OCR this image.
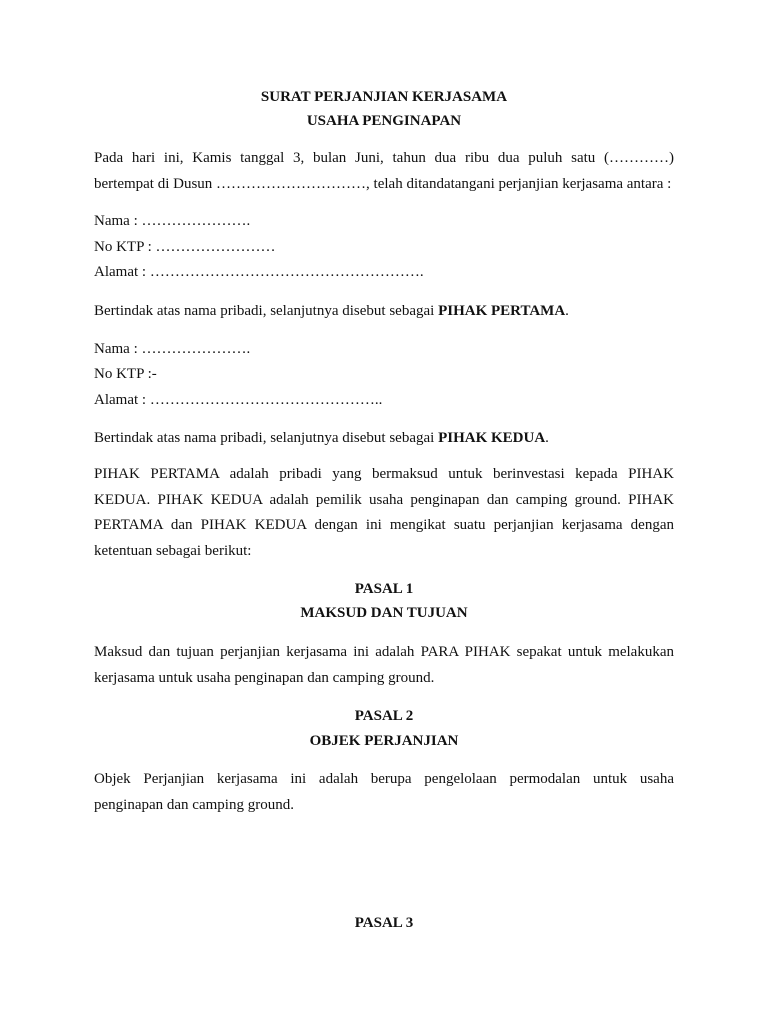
SURAT PERJANJIAN KERJASAMA
USAHA PENGINAPAN
Pada hari ini, Kamis tanggal 3, bulan Juni, tahun dua ribu dua puluh satu (…………)
bertempat di Dusun …………………………, telah ditandatangani perjanjian kerjasama antara :
Nama : ………………….
No KTP : ……………………
Alamat : ……………………………………………….
Bertindak atas nama pribadi, selanjutnya disebut sebagai PIHAK PERTAMA.
Nama : ………………….
No KTP :-
Alamat : ………………………………………..
Bertindak atas nama pribadi, selanjutnya disebut sebagai PIHAK KEDUA.
PIHAK PERTAMA adalah pribadi yang bermaksud untuk berinvestasi kepada PIHAK
KEDUA. PIHAK KEDUA adalah pemilik usaha penginapan dan camping ground. PIHAK
PERTAMA dan PIHAK KEDUA dengan ini mengikat suatu perjanjian kerjasama dengan
ketentuan sebagai berikut:
PASAL 1
MAKSUD DAN TUJUAN
Maksud dan tujuan perjanjian kerjasama ini adalah PARA PIHAK sepakat untuk melakukan
kerjasama untuk usaha penginapan dan camping ground.
PASAL 2
OBJEK PERJANJIAN
Objek Perjanjian kerjasama ini adalah berupa pengelolaan permodalan untuk usaha
penginapan dan camping ground.
PASAL 3
